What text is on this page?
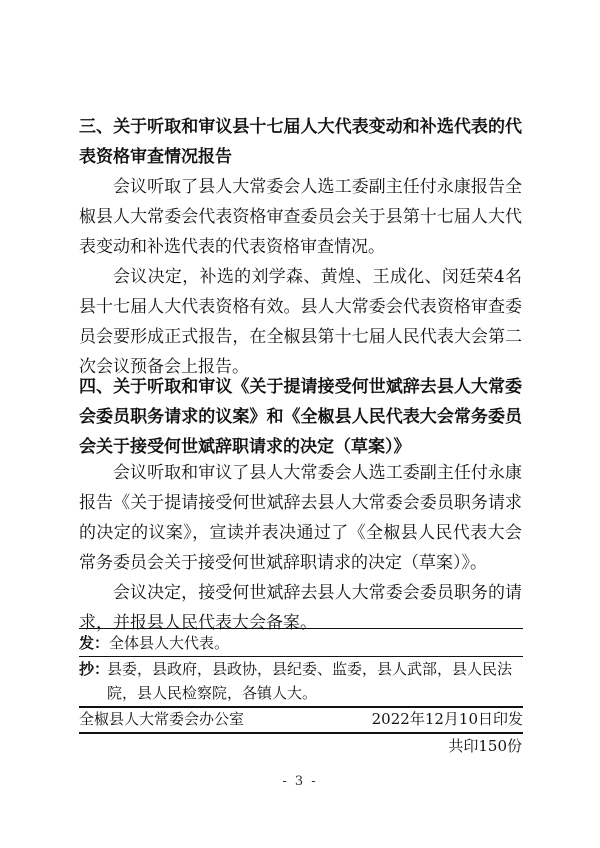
三、关于听取和审议县十七届人大代表变动和补选代表的代表资格审查情况报告

会议听取了县人大常委会人选工委副主任付永康报告全椒县人大常委会代表资格审查委员会关于县第十七届人大代表变动和补选代表的代表资格审查情况。

会议决定，补选的刘学森、黄煌、王成化、闵廷荣4名县十七届人大代表资格有效。县人大常委会代表资格审查委员会要形成正式报告，在全椒县第十七届人民代表大会第二次会议预备会上报告。

四、关于听取和审议《关于提请接受何世斌辞去县人大常委会委员职务请求的议案》和《全椒县人民代表大会常务委员会关于接受何世斌辞职请求的决定（草案）》

会议听取和审议了县人大常委会人选工委副主任付永康报告《关于提请接受何世斌辞去县人大常委会委员职务请求的决定的议案》，宣读并表决通过了《全椒县人民代表大会常务委员会关于接受何世斌辞职请求的决定（草案）》。

会议决定，接受何世斌辞去县人大常委会委员职务的请求，并报县人民代表大会备案。

发：全体县人大代表。

抄：县委，县政府，县政协，县纪委、监委，县人武部，县人民法院，县人民检察院，各镇人大。

全椒县人大常委会办公室	2022年12月10日印发
共印150份
- 3 -
